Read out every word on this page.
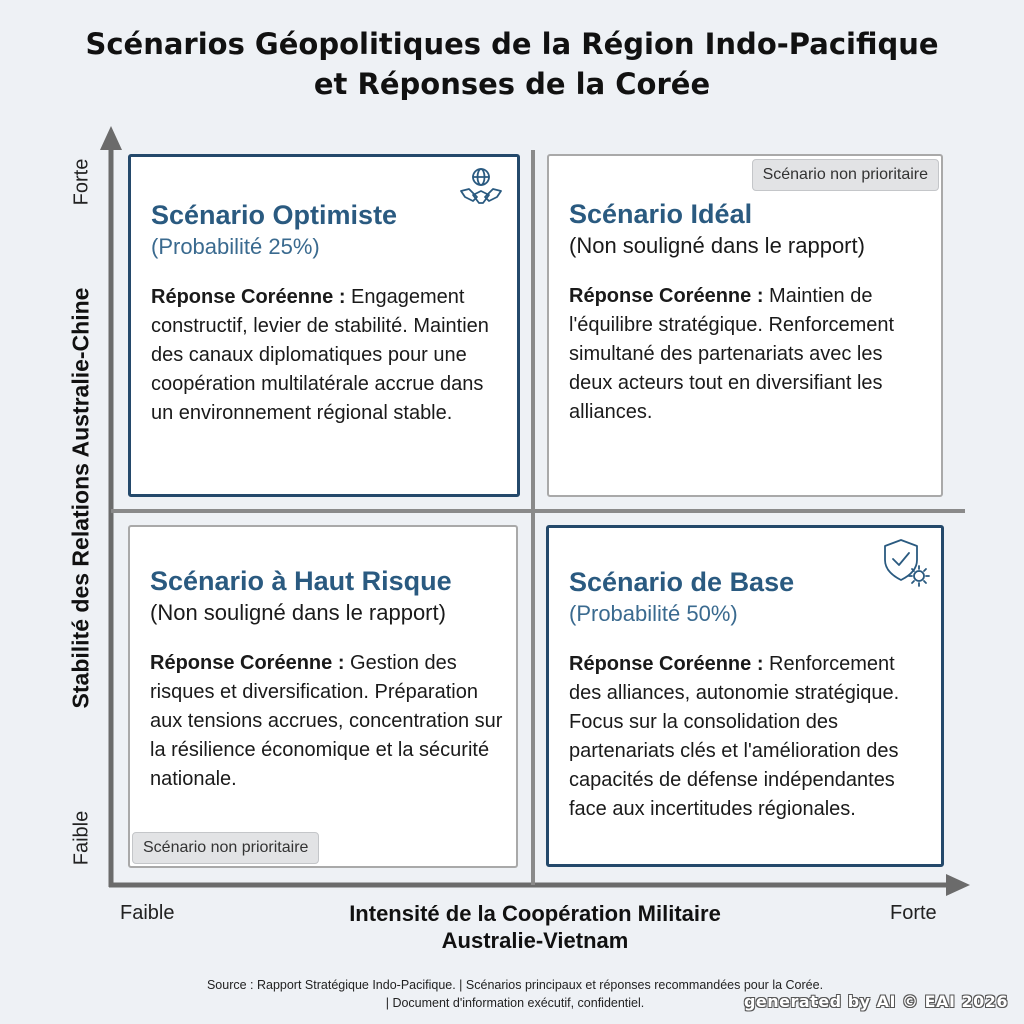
Scénarios Géopolitiques de la Région Indo-Pacifique
et Réponses de la Corée
Stabilité des Relations Australie-Chine
Forte
Faible
Faible	Forte
Intensité de la Coopération Militaire
Australie-Vietnam
Scénario Optimiste
(Probabilité 25%)
Réponse Coréenne : Engagement constructif, levier de stabilité. Maintien des canaux diplomatiques pour une coopération multilatérale accrue dans un environnement régional stable.
Scénario Idéal
(Non souligné dans le rapport)
Réponse Coréenne : Maintien de l'équilibre stratégique. Renforcement simultané des partenariats avec les deux acteurs tout en diversifiant les alliances.
Scénario non prioritaire
Scénario à Haut Risque
(Non souligné dans le rapport)
Réponse Coréenne : Gestion des risques et diversification. Préparation aux tensions accrues, concentration sur la résilience économique et la sécurité nationale.
Scénario non prioritaire
Scénario de Base
(Probabilité 50%)
Réponse Coréenne : Renforcement des alliances, autonomie stratégique. Focus sur la consolidation des partenariats clés et l'amélioration des capacités de défense indépendantes face aux incertitudes régionales.
Source : Rapport Stratégique Indo-Pacifique. | Scénarios principaux et réponses recommandées pour la Corée.
| Document d'information exécutif, confidentiel.	generated by AI © EAI 2026
